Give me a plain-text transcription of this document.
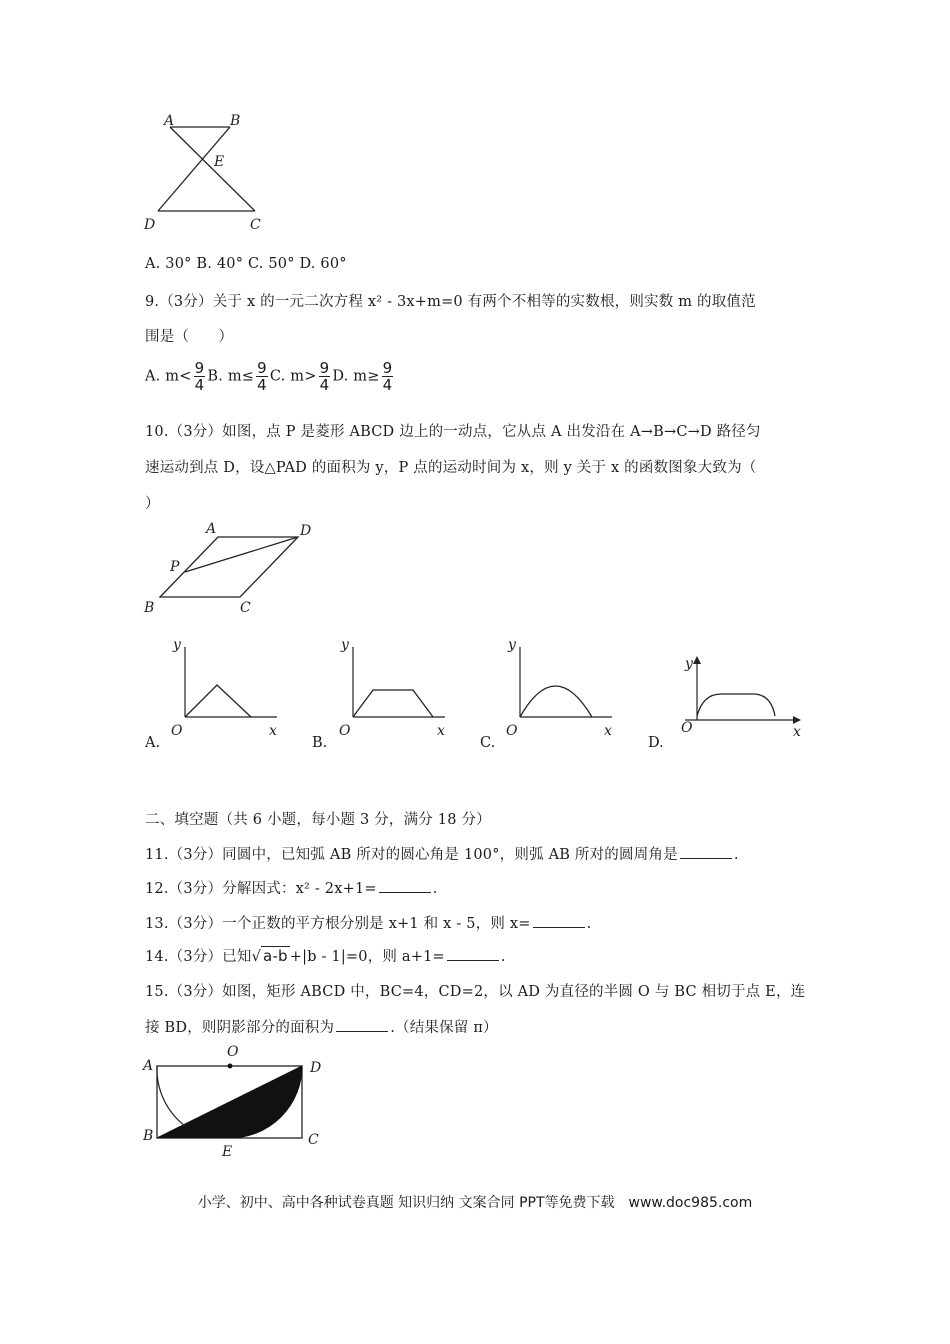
A	B
E
D	C
A. 30° B. 40° C. 50° D. 60°
9.（3分）关于 x 的一元二次方程 x² - 3x+m=0 有两个不相等的实数根，则实数 m 的取值范
围是（　　）
A. $m< \frac{9}{4} B$. $m\le \frac{9}{4} C$. $m> \frac{9}{4} D$. $m\ge \frac{9}{4}$
10.（3分）如图，点 P 是菱形 ABCD 边上的一动点，它从点 A 出发沿在 A→B→C→D 路径匀
速运动到点 D，设△PAD 的面积为 y，P 点的运动时间为 x，则 y 关于 x 的函数图象大致为（
）
A	D
P
B	C
y
x
O
A.
y
x
O
B.
y
x
O
C.
y
x
O
D.
二、填空题（共 6 小题，每小题 3 分，满分 18 分）
11.（3分）同圆中，已知弧 AB 所对的圆心角是 100°，则弧 AB 所对的圆周角是	.
12.（3分）分解因式：x² - 2x+1=	.
13.（3分）一个正数的平方根分别是 x+1 和 x - 5，则 x=	.
14.（3分）已知√ a-b +|b - 1|=0，则 a+1=	.
15.（3分）如图，矩形 ABCD 中，BC=4，CD=2，以 AD 为直径的半圆 O 与 BC 相切于点 E，连
接 BD，则阴影部分的面积为	.（结果保留 π）
O
A	D
B	C
E
小学、初中、高中各种试卷真题 知识归纳 文案合同 PPT等免费下载　www.doc985.com
